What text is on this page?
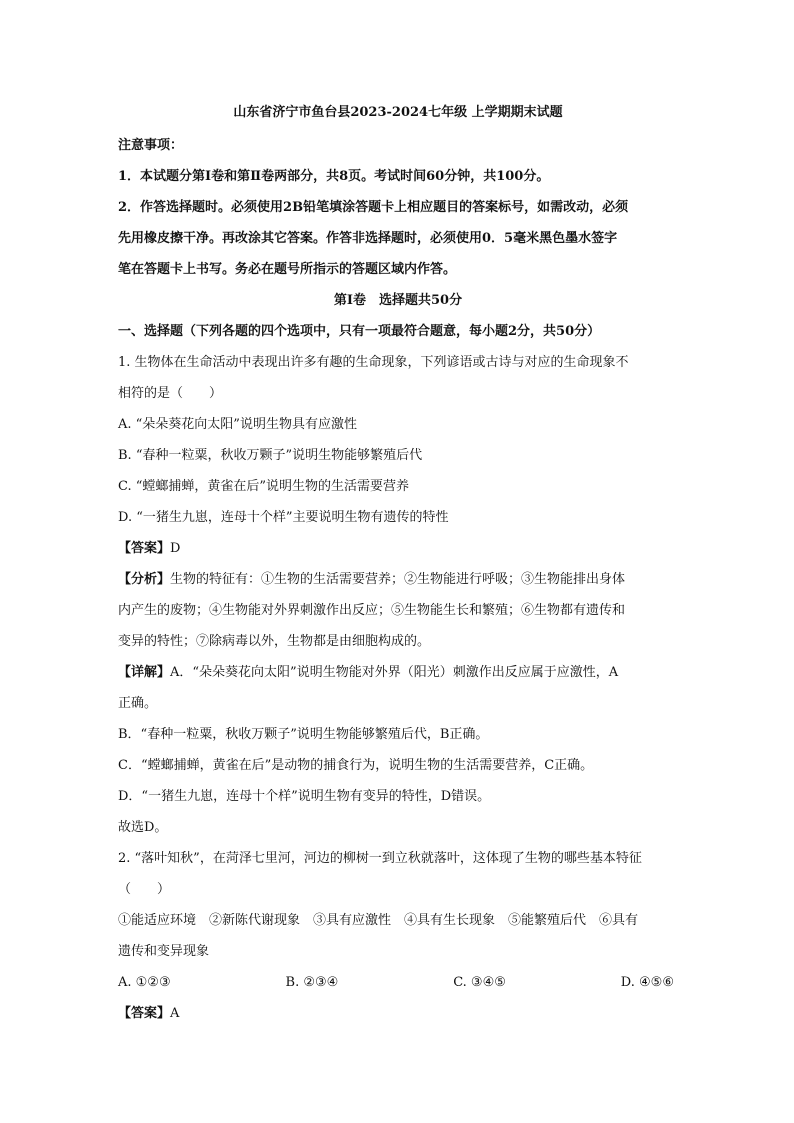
山东省济宁市鱼台县2023-2024七年级 上学期期末试题
注意事项：
1．本试题分第Ⅰ卷和第Ⅱ卷两部分，共8页。考试时间60分钟，共100分。
2．作答选择题时。必须使用2B铅笔填涂答题卡上相应题目的答案标号，如需改动，必须
先用橡皮擦干净。再改涂其它答案。作答非选择题时，必须使用0．5毫米黑色墨水签字
笔在答题卡上书写。务必在题号所指示的答题区域内作答。
第Ⅰ卷　选择题共50分
一、选择题（下列各题的四个选项中，只有一项最符合题意，每小题2分，共50分）
1. 生物体在生命活动中表现出许多有趣的生命现象，下列谚语或古诗与对应的生命现象不
相符的是（　　）
A. “朵朵葵花向太阳”说明生物具有应激性
B. “春种一粒粟，秋收万颗子”说明生物能够繁殖后代
C. “螳螂捕蝉，黄雀在后”说明生物的生活需要营养
D. “一猪生九崽，连母十个样”主要说明生物有遗传的特性
【答案】D
【分析】生物的特征有：①生物的生活需要营养；②生物能进行呼吸；③生物能排出身体
内产生的废物；④生物能对外界刺激作出反应；⑤生物能生长和繁殖；⑥生物都有遗传和
变异的特性；⑦除病毒以外，生物都是由细胞构成的。
【详解】A．“朵朵葵花向太阳”说明生物能对外界（阳光）刺激作出反应属于应激性，A
正确。
B．“春种一粒粟，秋收万颗子”说明生物能够繁殖后代，B正确。
C．“螳螂捕蝉，黄雀在后”是动物的捕食行为，说明生物的生活需要营养，C正确。
D．“一猪生九崽，连母十个样”说明生物有变异的特性，D错误。
故选D。
2. “落叶知秋”，在菏泽七里河，河边的柳树一到立秋就落叶，这体现了生物的哪些基本特征
（　　）
①能适应环境　②新陈代谢现象　③具有应激性　④具有生长现象　⑤能繁殖后代　⑥具有
遗传和变异现象
A. ①②③	B. ②③④	C. ③④⑤	D. ④⑤⑥
【答案】A
